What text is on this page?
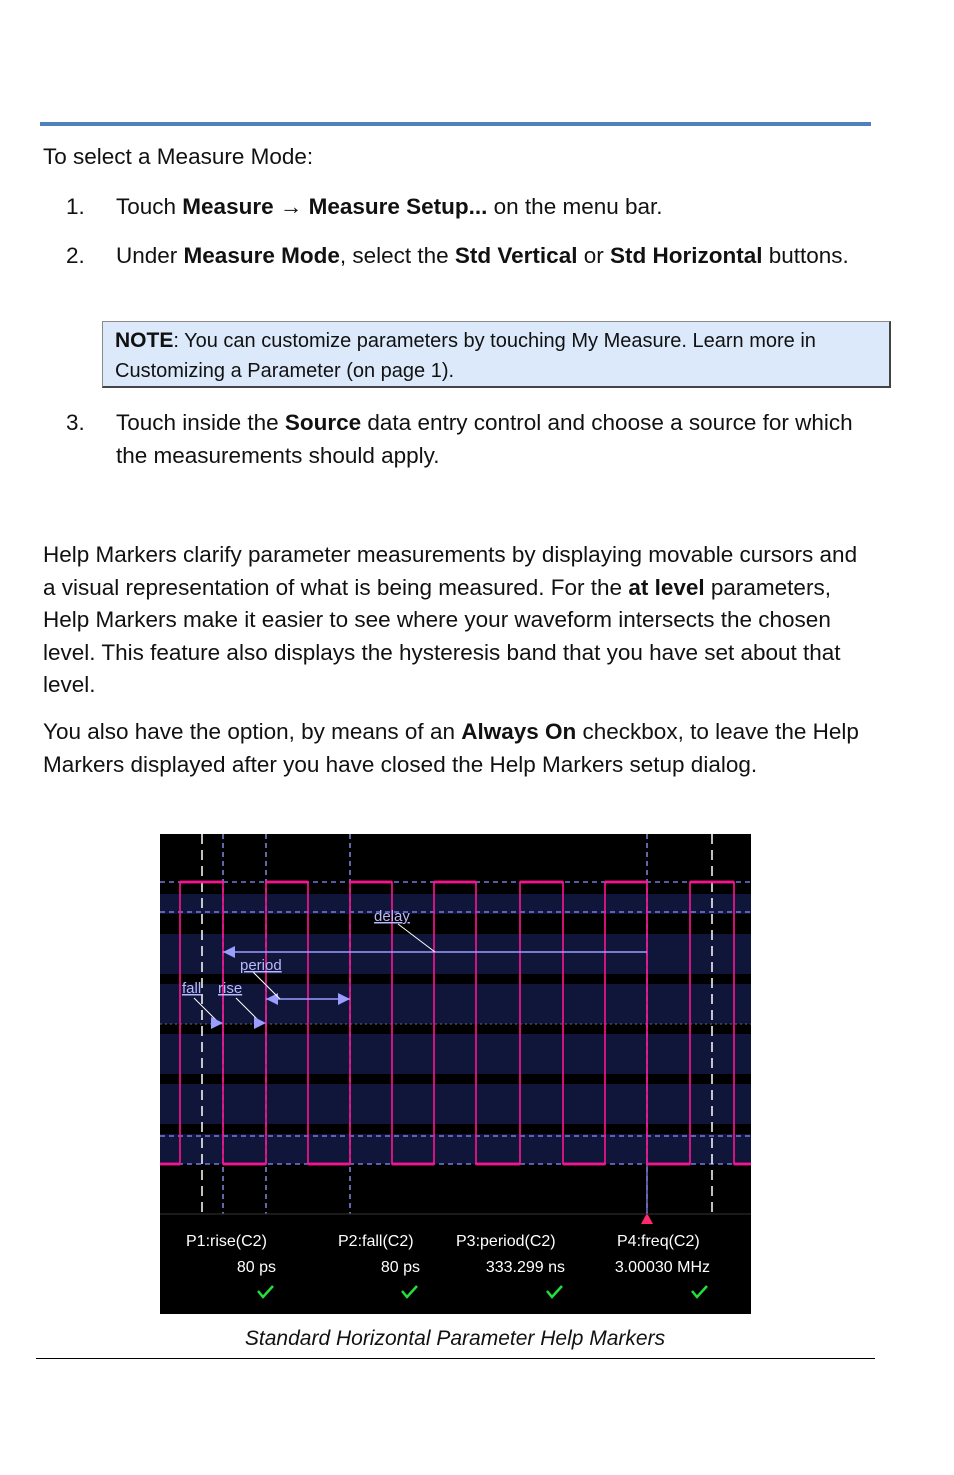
To select a Measure Mode:

1.	Touch Measure → Measure Setup... on the menu bar.
2.	Under Measure Mode, select the Std Vertical or Std Horizontal buttons.
NOTE: You can customize parameters by touching My Measure. Learn more in Customizing a Parameter (on page 1).
3.	Touch inside the Source data entry control and choose a source for which the measurements should apply.

Help Markers clarify parameter measurements by displaying movable cursors and a visual representation of what is being measured. For the at level parameters, Help Markers make it easier to see where your waveform intersects the chosen level. This feature also displays the hysteresis band that you have set about that level.

You also have the option, by means of an Always On checkbox, to leave the Help Markers displayed after you have closed the Help Markers setup dialog.

delay
period
fall rise
P1:rise(C2)	P2:fall(C2)	P3:period(C2)	P4:freq(C2)
80 ps	80 ps	333.299 ns	3.00030 MHz
Standard Horizontal Parameter Help Markers
